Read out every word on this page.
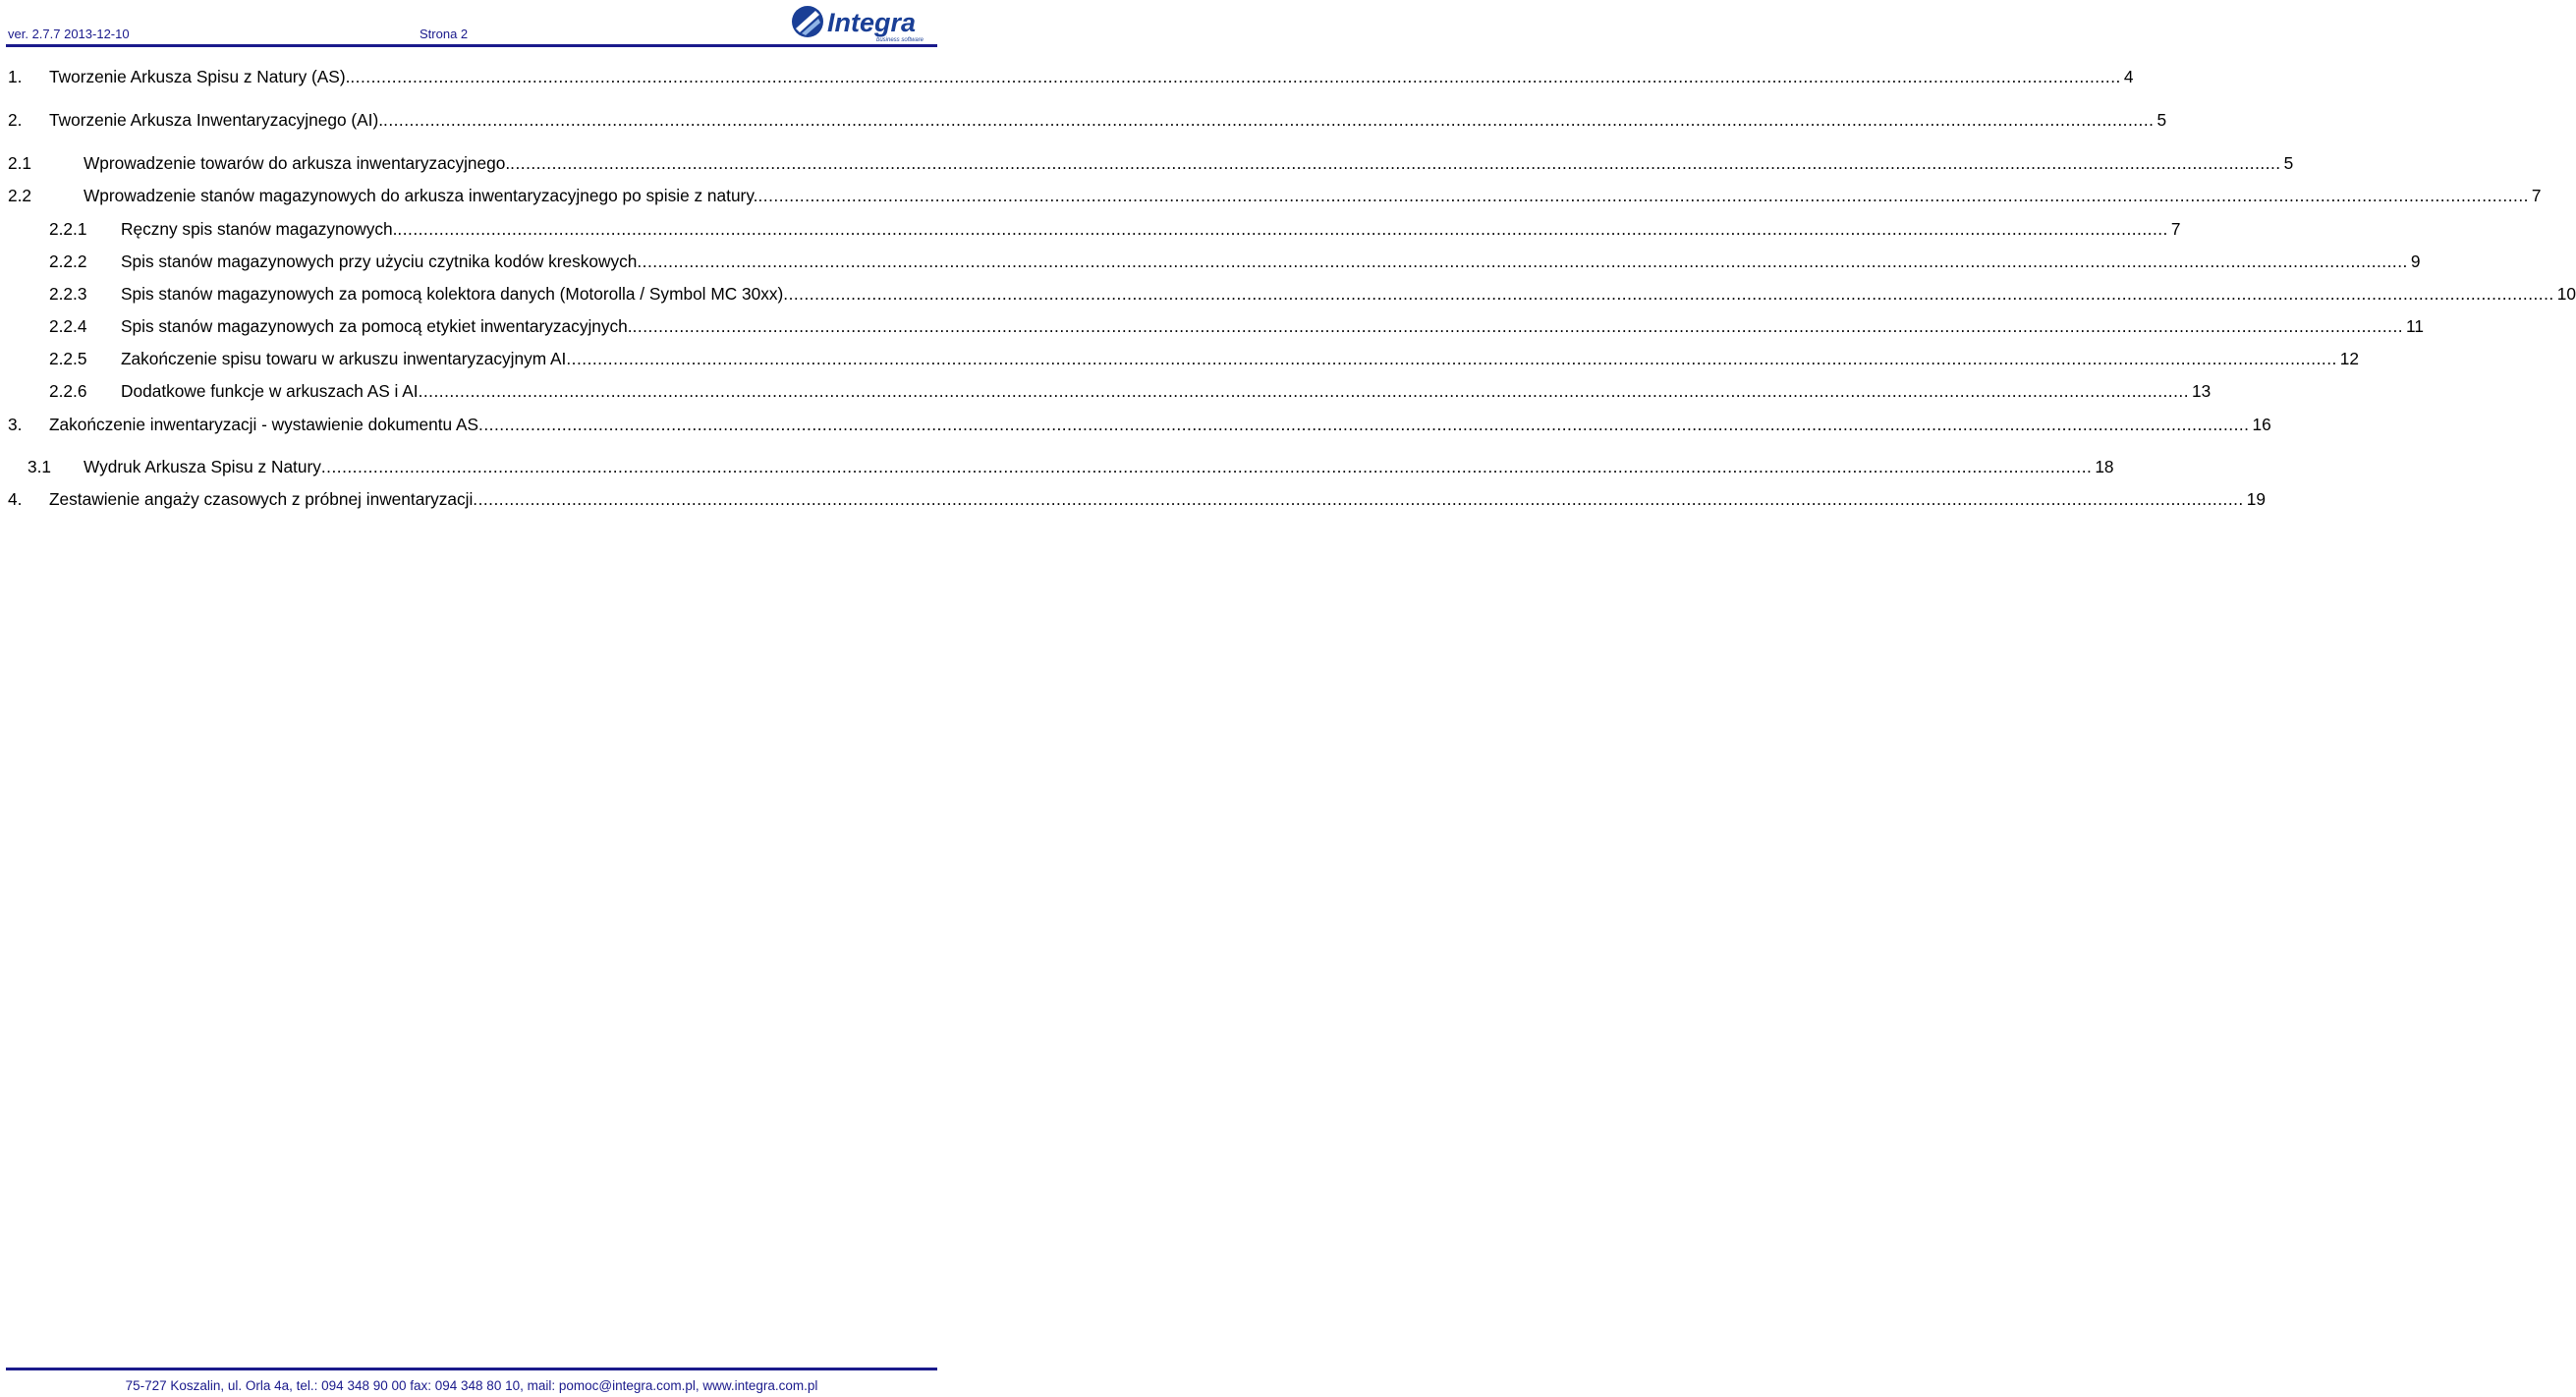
ver. 2.7.7 2013-12-10	Strona 2	Integra
business software
1.	Tworzenie Arkusza Spisu z Natury (AS). .....	4
2.	Tworzenie Arkusza Inwentaryzacyjnego (AI). .....	5
2.1	Wprowadzenie towarów do arkusza inwentaryzacyjnego. .....	5
2.2	Wprowadzenie stanów magazynowych do arkusza inwentaryzacyjnego po spisie z natury. .....	7
2.2.1	Ręczny spis stanów magazynowych. .....	7
2.2.2	Spis stanów magazynowych przy użyciu czytnika kodów kreskowych .....	9
2.2.3	Spis stanów magazynowych za pomocą kolektora danych (Motorolla / Symbol MC 30xx) .....	10
2.2.4	Spis stanów magazynowych za pomocą etykiet inwentaryzacyjnych. .....	11
2.2.5	Zakończenie spisu towaru w arkuszu inwentaryzacyjnym AI .....	12
2.2.6	Dodatkowe funkcje w arkuszach AS i AI .....	13
3.	Zakończenie inwentaryzacji - wystawienie dokumentu AS .....	16
3.1	Wydruk Arkusza Spisu z Natury .....	18
4.	Zestawienie angaży czasowych z próbnej inwentaryzacji .....	19
75-727 Koszalin, ul. Orla 4a, tel.: 094 348 90 00 fax: 094 348 80 10, mail: pomoc@integra.com.pl, www.integra.com.pl
